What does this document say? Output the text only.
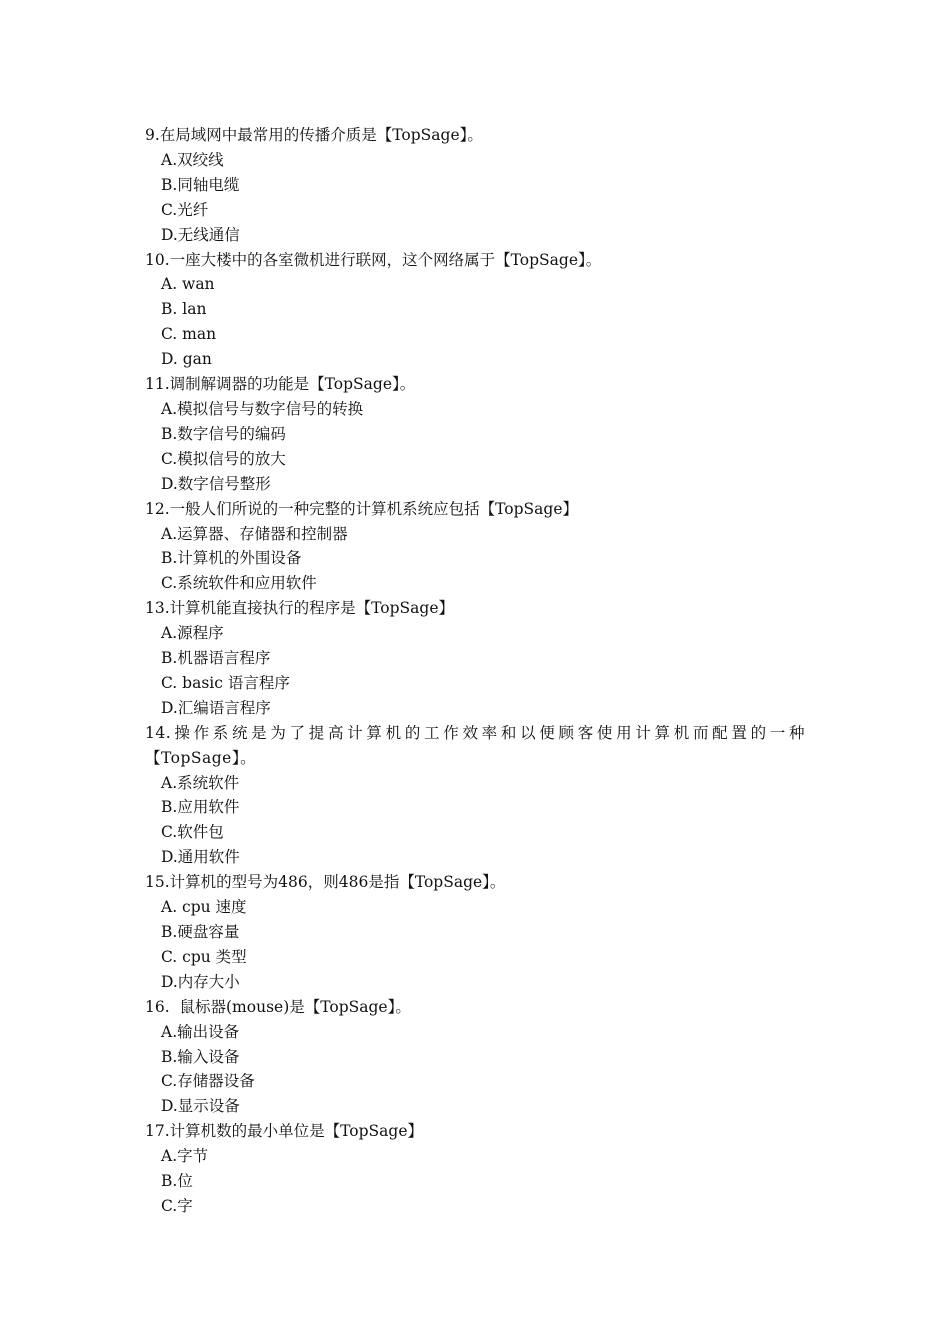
9.在局域网中最常用的传播介质是【TopSage】。
A.双绞线
B.同轴电缆
C.光纤
D.无线通信
10.一座大楼中的各室微机进行联网，这个网络属于【TopSage】。
A. wan
B. lan
C. man
D. gan
11.调制解调器的功能是【TopSage】。
A.模拟信号与数字信号的转换
B.数字信号的编码
C.模拟信号的放大
D.数字信号整形
12.一般人们所说的一种完整的计算机系统应包括【TopSage】
A.运算器、存储器和控制器
B.计算机的外围设备
C.系统软件和应用软件
13.计算机能直接执行的程序是【TopSage】
A.源程序
B.机器语言程序
C. basic 语言程序
D.汇编语言程序
14.操作系统是为了提高计算机的工作效率和以便顾客使用计算机而配置的一种【TopSage】。
A.系统软件
B.应用软件
C.软件包
D.通用软件
15.计算机的型号为486，则486是指【TopSage】。
A. cpu 速度
B.硬盘容量
C. cpu 类型
D.内存大小
16.  鼠标器(mouse)是【TopSage】。
A.输出设备
B.输入设备
C.存储器设备
D.显示设备
17.计算机数的最小单位是【TopSage】
A.字节
B.位
C.字
